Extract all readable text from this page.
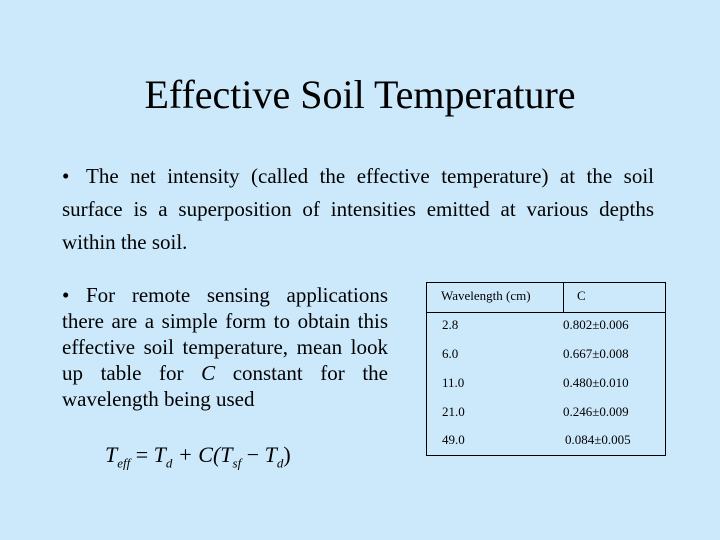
Effective Soil Temperature
• The net intensity (called the effective temperature) at the soil surface is a superposition of intensities emitted at various depths within the soil.
• For remote sensing applications there are a simple form to obtain this effective soil temperature, mean look up table for C constant for the wavelength being used
$T_{eff} = T_d + C(T_{sf} - T_d)$
Wavelength (cm)	C
2.8	0.802±0.006
6.0	0.667±0.008
11.0	0.480±0.010
21.0	0.246±0.009
49.0	0.084±0.005
